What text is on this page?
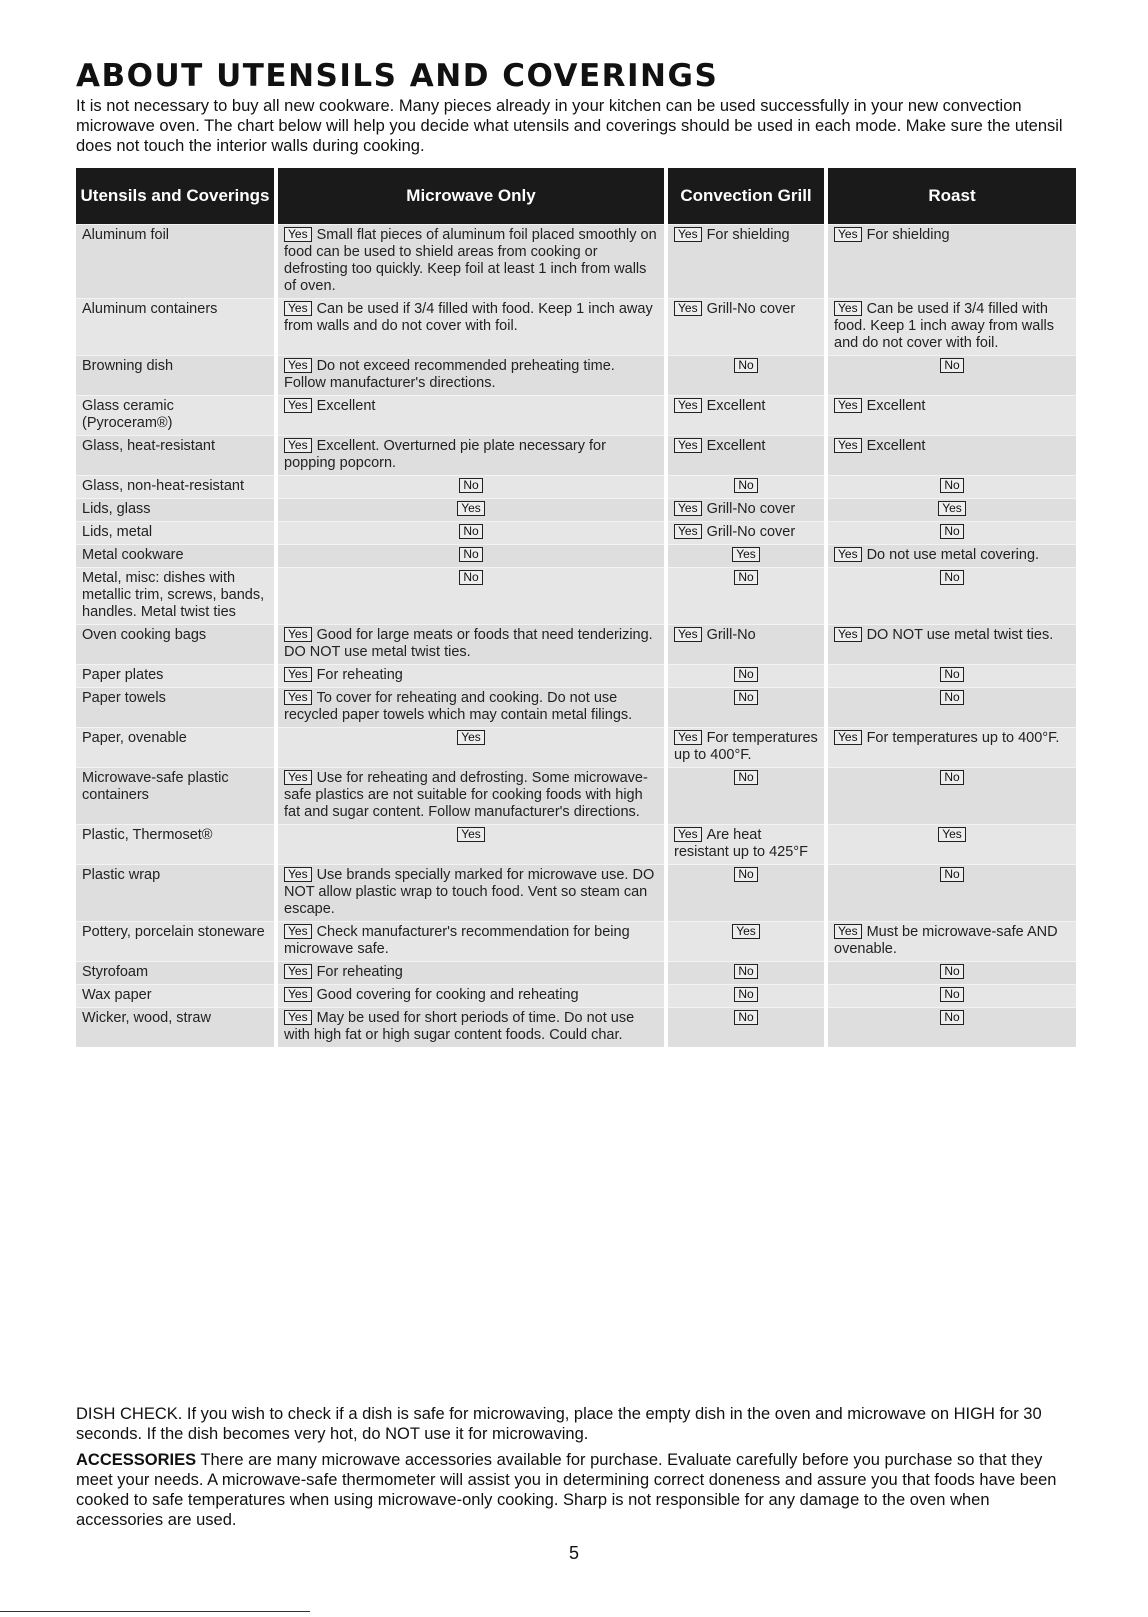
ABOUT UTENSILS AND COVERINGS

It is not necessary to buy all new cookware. Many pieces already in your kitchen can be used successfully in your new convection microwave oven. The chart below will help you decide what utensils and coverings should be used in each mode. Make sure the utensil does not touch the interior walls during cooking.

Utensils and Coverings	Microwave Only	Convection Grill	Roast
Aluminum foil	Yes Small flat pieces of aluminum foil placed smoothly on food can be used to shield areas from cooking or defrosting too quickly. Keep foil at least 1 inch from walls of oven.	Yes For shielding	Yes For shielding
Aluminum containers	Yes Can be used if 3/4 filled with food. Keep 1 inch away from walls and do not cover with foil.	Yes Grill-No cover	Yes Can be used if 3/4 filled with food. Keep 1 inch away from walls and do not cover with foil.
Browning dish	Yes Do not exceed recommended preheating time. Follow manufacturer's directions.	No	No
Glass ceramic (Pyroceram®)	Yes Excellent	Yes Excellent	Yes Excellent
Glass, heat-resistant	Yes Excellent. Overturned pie plate necessary for popping popcorn.	Yes Excellent	Yes Excellent
Glass, non-heat-resistant	No	No	No
Lids, glass	Yes	Yes Grill-No cover	Yes
Lids, metal	No	Yes Grill-No cover	No
Metal cookware	No	Yes	Yes Do not use metal covering.
Metal, misc: dishes with metallic trim, screws, bands, handles. Metal twist ties	No	No	No
Oven cooking bags	Yes Good for large meats or foods that need tenderizing. DO NOT use metal twist ties.	Yes Grill-No	Yes DO NOT use metal twist ties.
Paper plates	Yes For reheating	No	No
Paper towels	Yes To cover for reheating and cooking. Do not use recycled paper towels which may contain metal filings.	No	No
Paper, ovenable	Yes	Yes For temperatures up to 400°F.	Yes For temperatures up to 400°F.
Microwave-safe plastic containers	Yes Use for reheating and defrosting. Some microwave-safe plastics are not suitable for cooking foods with high fat and sugar content. Follow manufacturer's directions.	No	No
Plastic, Thermoset®	Yes	Yes Are heat resistant up to 425°F	Yes
Plastic wrap	Yes Use brands specially marked for microwave use. DO NOT allow plastic wrap to touch food. Vent so steam can escape.	No	No
Pottery, porcelain stoneware	Yes Check manufacturer's recommendation for being microwave safe.	Yes	Yes Must be microwave-safe AND ovenable.
Styrofoam	Yes For reheating	No	No
Wax paper	Yes Good covering for cooking and reheating	No	No
Wicker, wood, straw	Yes May be used for short periods of time. Do not use with high fat or high sugar content foods. Could char.	No	No

DISH CHECK. If you wish to check if a dish is safe for microwaving, place the empty dish in the oven and microwave on HIGH for 30 seconds. If the dish becomes very hot, do NOT use it for microwaving.

ACCESSORIES There are many microwave accessories available for purchase. Evaluate carefully before you purchase so that they meet your needs. A microwave-safe thermometer will assist you in determining correct doneness and assure you that foods have been cooked to safe temperatures when using microwave-only cooking. Sharp is not responsible for any damage to the oven when accessories are used.

5
